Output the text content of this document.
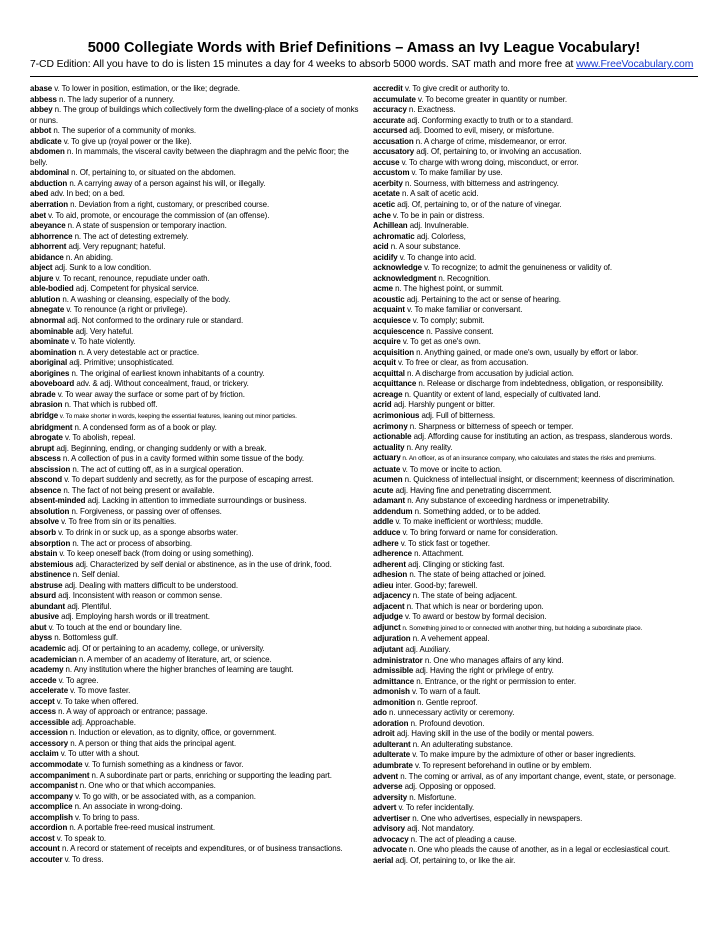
5000 Collegiate Words with Brief Definitions – Amass an Ivy League Vocabulary!
7-CD Edition: All you have to do is listen 15 minutes a day for 4 weeks to absorb 5000 words. SAT math and more free at www.FreeVocabulary.com

abase v. To lower in position, estimation, or the like; degrade.

abbess n. The lady superior of a nunnery.

abbey n. The group of buildings which collectively form the dwelling-place of a society of monks or nuns.

abbot n. The superior of a community of monks.

abdicate v. To give up (royal power or the like).

abdomen n. In mammals, the visceral cavity between the diaphragm and the pelvic floor; the belly.

abdominal n. Of, pertaining to, or situated on the abdomen.

abduction n. A carrying away of a person against his will, or illegally.

abed adv. In bed; on a bed.

aberration n. Deviation from a right, customary, or prescribed course.

abet v. To aid, promote, or encourage the commission of (an offense).

abeyance n. A state of suspension or temporary inaction.

abhorrence n. The act of detesting extremely.

abhorrent adj. Very repugnant; hateful.

abidance n. An abiding.

abject adj. Sunk to a low condition.

abjure v. To recant, renounce, repudiate under oath.

able-bodied adj. Competent for physical service.

ablution n. A washing or cleansing, especially of the body.

abnegate v. To renounce (a right or privilege).

abnormal adj. Not conformed to the ordinary rule or standard.

abominable adj. Very hateful.

abominate v. To hate violently.

abomination n. A very detestable act or practice.

aboriginal adj. Primitive; unsophisticated.

aborigines n. The original of earliest known inhabitants of a country.

aboveboard adv. & adj. Without concealment, fraud, or trickery.

abrade v. To wear away the surface or some part of by friction.

abrasion n. That which is rubbed off.

abridge v. To make shorter in words, keeping the essential features, leaning out minor particles.

abridgment n. A condensed form as of a book or play.

abrogate v. To abolish, repeal.

abrupt adj. Beginning, ending, or changing suddenly or with a break.

abscess n. A collection of pus in a cavity formed within some tissue of the body.

abscission n. The act of cutting off, as in a surgical operation.

abscond v. To depart suddenly and secretly, as for the purpose of escaping arrest.

absence n. The fact of not being present or available.

absent-minded adj. Lacking in attention to immediate surroundings or business.

absolution n. Forgiveness, or passing over of offenses.

absolve v. To free from sin or its penalties.

absorb v. To drink in or suck up, as a sponge absorbs water.

absorption n. The act or process of absorbing.

abstain v. To keep oneself back (from doing or using something).

abstemious adj. Characterized by self denial or abstinence, as in the use of drink, food.

abstinence n. Self denial.

abstruse adj. Dealing with matters difficult to be understood.

absurd adj. Inconsistent with reason or common sense.

abundant adj. Plentiful.

abusive adj. Employing harsh words or ill treatment.

abut v. To touch at the end or boundary line.

abyss n. Bottomless gulf.

academic adj. Of or pertaining to an academy, college, or university.

academician n. A member of an academy of literature, art, or science.

academy n. Any institution where the higher branches of learning are taught.

accede v. To agree.

accelerate v. To move faster.

accept v. To take when offered.

access n. A way of approach or entrance; passage.

accessible adj. Approachable.

accession n. Induction or elevation, as to dignity, office, or government.

accessory n. A person or thing that aids the principal agent.

acclaim v. To utter with a shout.

accommodate v. To furnish something as a kindness or favor.

accompaniment n. A subordinate part or parts, enriching or supporting the leading part.

accompanist n. One who or that which accompanies.

accompany v. To go with, or be associated with, as a companion.

accomplice n. An associate in wrong-doing.

accomplish v. To bring to pass.

accordion n. A portable free-reed musical instrument.

accost v. To speak to.

account n. A record or statement of receipts and expenditures, or of business transactions.

accouter v. To dress.

accredit v. To give credit or authority to.

accumulate v. To become greater in quantity or number.

accuracy n. Exactness.

accurate adj. Conforming exactly to truth or to a standard.

accursed adj. Doomed to evil, misery, or misfortune.

accusation n. A charge of crime, misdemeanor, or error.

accusatory adj. Of, pertaining to, or involving an accusation.

accuse v. To charge with wrong doing, misconduct, or error.

accustom v. To make familiar by use.

acerbity n. Sourness, with bitterness and astringency.

acetate n. A salt of acetic acid.

acetic adj. Of, pertaining to, or of the nature of vinegar.

ache v. To be in pain or distress.

Achillean adj. Invulnerable.

achromatic adj. Colorless,

acid n. A sour substance.

acidify v. To change into acid.

acknowledge v. To recognize; to admit the genuineness or validity of.

acknowledgment n. Recognition.

acme n. The highest point, or summit.

acoustic adj. Pertaining to the act or sense of hearing.

acquaint v. To make familiar or conversant.

acquiesce v. To comply; submit.

acquiescence n. Passive consent.

acquire v. To get as one's own.

acquisition n. Anything gained, or made one's own, usually by effort or labor.

acquit v. To free or clear, as from accusation.

acquittal n. A discharge from accusation by judicial action.

acquittance n. Release or discharge from indebtedness, obligation, or responsibility.

acreage n. Quantity or extent of land, especially of cultivated land.

acrid adj. Harshly pungent or bitter.

acrimonious adj. Full of bitterness.

acrimony n. Sharpness or bitterness of speech or temper.

actionable adj. Affording cause for instituting an action, as trespass, slanderous words.

actuality n. Any reality.

actuary n. An officer, as of an insurance company, who calculates and states the risks and premiums.

actuate v. To move or incite to action.

acumen n. Quickness of intellectual insight, or discernment; keenness of discrimination.

acute adj. Having fine and penetrating discernment.

adamant n. Any substance of exceeding hardness or impenetrability.

addendum n. Something added, or to be added.

addle v. To make inefficient or worthless; muddle.

adduce v. To bring forward or name for consideration.

adhere v. To stick fast or together.

adherence n. Attachment.

adherent adj. Clinging or sticking fast.

adhesion n. The state of being attached or joined.

adieu inter. Good-by; farewell.

adjacency n. The state of being adjacent.

adjacent n. That which is near or bordering upon.

adjudge v. To award or bestow by formal decision.

adjunct n. Something joined to or connected with another thing, but holding a subordinate place.

adjuration n. A vehement appeal.

adjutant adj. Auxiliary.

administrator n. One who manages affairs of any kind.

admissible adj. Having the right or privilege of entry.

admittance n. Entrance, or the right or permission to enter.

admonish v. To warn of a fault.

admonition n. Gentle reproof.

ado n. unnecessary activity or ceremony.

adoration n. Profound devotion.

adroit adj. Having skill in the use of the bodily or mental powers.

adulterant n. An adulterating substance.

adulterate v. To make impure by the admixture of other or baser ingredients.

adumbrate v. To represent beforehand in outline or by emblem.

advent n. The coming or arrival, as of any important change, event, state, or personage.

adverse adj. Opposing or opposed.

adversity n. Misfortune.

advert v. To refer incidentally.

advertiser n. One who advertises, especially in newspapers.

advisory adj. Not mandatory.

advocacy n. The act of pleading a cause.

advocate n. One who pleads the cause of another, as in a legal or ecclesiastical court.

aerial adj. Of, pertaining to, or like the air.
